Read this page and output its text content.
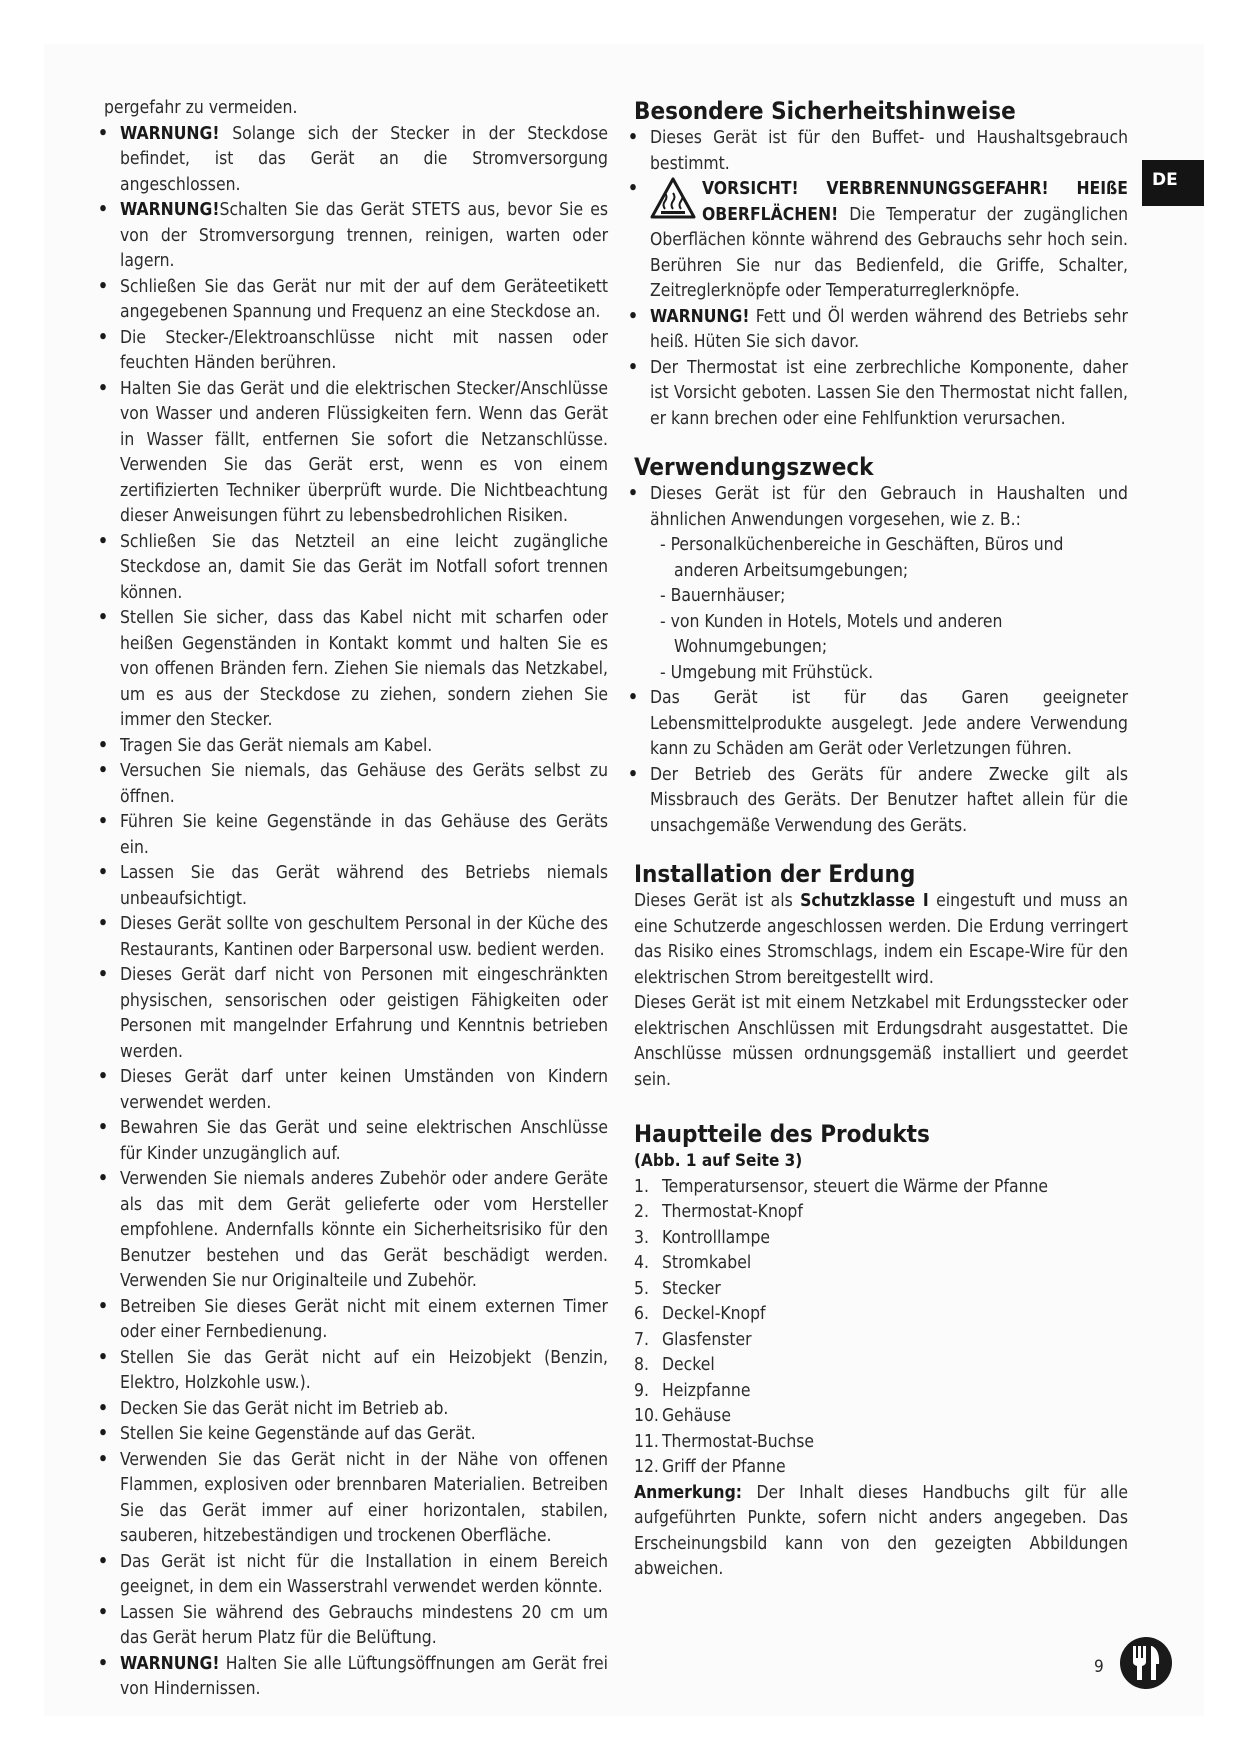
DE

pergefahr zu vermeiden.

• WARNUNG! Solange sich der Stecker in der Steckdose befindet, ist das Gerät an die Stromversorgung angeschlossen.

• WARNUNG!Schalten Sie das Gerät STETS aus, bevor Sie es von der Stromversorgung trennen, reinigen, warten oder lagern.

• Schließen Sie das Gerät nur mit der auf dem Geräteetikett angegebenen Spannung und Frequenz an eine Steckdose an.

• Die Stecker-/Elektroanschlüsse nicht mit nassen oder feuchten Händen berühren.

• Halten Sie das Gerät und die elektrischen Stecker/Anschlüsse von Wasser und anderen Flüssigkeiten fern. Wenn das Gerät in Wasser fällt, entfernen Sie sofort die Netzanschlüsse. Verwenden Sie das Gerät erst, wenn es von einem zertifizierten Techniker überprüft wurde. Die Nichtbeachtung dieser Anweisungen führt zu lebensbedrohlichen Risiken.

• Schließen Sie das Netzteil an eine leicht zugängliche Steckdose an, damit Sie das Gerät im Notfall sofort trennen können.

• Stellen Sie sicher, dass das Kabel nicht mit scharfen oder heißen Gegenständen in Kontakt kommt und halten Sie es von offenen Bränden fern. Ziehen Sie niemals das Netzkabel, um es aus der Steckdose zu ziehen, sondern ziehen Sie immer den Stecker.

• Tragen Sie das Gerät niemals am Kabel.

• Versuchen Sie niemals, das Gehäuse des Geräts selbst zu öffnen.

• Führen Sie keine Gegenstände in das Gehäuse des Geräts ein.

• Lassen Sie das Gerät während des Betriebs niemals unbeaufsichtigt.

• Dieses Gerät sollte von geschultem Personal in der Küche des Restaurants, Kantinen oder Barpersonal usw. bedient werden.

• Dieses Gerät darf nicht von Personen mit eingeschränkten physischen, sensorischen oder geistigen Fähigkeiten oder Personen mit mangelnder Erfahrung und Kenntnis betrieben werden.

• Dieses Gerät darf unter keinen Umständen von Kindern verwendet werden.

• Bewahren Sie das Gerät und seine elektrischen Anschlüsse für Kinder unzugänglich auf.

• Verwenden Sie niemals anderes Zubehör oder andere Geräte als das mit dem Gerät gelieferte oder vom Hersteller empfohlene. Andernfalls könnte ein Sicherheitsrisiko für den Benutzer bestehen und das Gerät beschädigt werden. Verwenden Sie nur Originalteile und Zubehör.

• Betreiben Sie dieses Gerät nicht mit einem externen Timer oder einer Fernbedienung.

• Stellen Sie das Gerät nicht auf ein Heizobjekt (Benzin, Elektro, Holzkohle usw.).

• Decken Sie das Gerät nicht im Betrieb ab.

• Stellen Sie keine Gegenstände auf das Gerät.

• Verwenden Sie das Gerät nicht in der Nähe von offenen Flammen, explosiven oder brennbaren Materialien. Betreiben Sie das Gerät immer auf einer horizontalen, stabilen, sauberen, hitzebeständigen und trockenen Oberfläche.

• Das Gerät ist nicht für die Installation in einem Bereich geeignet, in dem ein Wasserstrahl verwendet werden könnte.

• Lassen Sie während des Gebrauchs mindestens 20 cm um das Gerät herum Platz für die Belüftung.

• WARNUNG! Halten Sie alle Lüftungsöffnungen am Gerät frei von Hindernissen.

Besondere Sicherheitshinweise

• Dieses Gerät ist für den Buffet- und Haushaltsgebrauch bestimmt.

• VORSICHT! VERBRENNUNGSGEFAHR! HEIßE OBERFLÄCHEN! Die Temperatur der zugänglichen Oberflächen könnte während des Gebrauchs sehr hoch sein. Berühren Sie nur das Bedienfeld, die Griffe, Schalter, Zeitreglerknöpfe oder Temperaturreglerknöpfe.

• WARNUNG! Fett und Öl werden während des Betriebs sehr heiß. Hüten Sie sich davor.

• Der Thermostat ist eine zerbrechliche Komponente, daher ist Vorsicht geboten. Lassen Sie den Thermostat nicht fallen, er kann brechen oder eine Fehlfunktion verursachen.

Verwendungszweck

• Dieses Gerät ist für den Gebrauch in Haushalten und ähnlichen Anwendungen vorgesehen, wie z. B.:

- Personalküchenbereiche in Geschäften, Büros und anderen Arbeitsumgebungen;

- Bauernhäuser;

- von Kunden in Hotels, Motels und anderen Wohnumgebungen;

- Umgebung mit Frühstück.

• Das Gerät ist für das Garen geeigneter Lebensmittelprodukte ausgelegt. Jede andere Verwendung kann zu Schäden am Gerät oder Verletzungen führen.

• Der Betrieb des Geräts für andere Zwecke gilt als Missbrauch des Geräts. Der Benutzer haftet allein für die unsachgemäße Verwendung des Geräts.

Installation der Erdung

Dieses Gerät ist als Schutzklasse I eingestuft und muss an eine Schutzerde angeschlossen werden. Die Erdung verringert das Risiko eines Stromschlags, indem ein Escape-Wire für den elektrischen Strom bereitgestellt wird.

Dieses Gerät ist mit einem Netzkabel mit Erdungsstecker oder elektrischen Anschlüssen mit Erdungsdraht ausgestattet. Die Anschlüsse müssen ordnungsgemäß installiert und geerdet sein.

Hauptteile des Produkts

(Abb. 1 auf Seite 3)

1. Temperatursensor, steuert die Wärme der Pfanne
2. Thermostat-Knopf
3. Kontrolllampe
4. Stromkabel
5. Stecker
6. Deckel-Knopf
7. Glasfenster
8. Deckel
9. Heizpfanne
10. Gehäuse
11. Thermostat-Buchse
12. Griff der Pfanne

Anmerkung: Der Inhalt dieses Handbuchs gilt für alle aufgeführten Punkte, sofern nicht anders angegeben. Das Erscheinungsbild kann von den gezeigten Abbildungen abweichen.

9
